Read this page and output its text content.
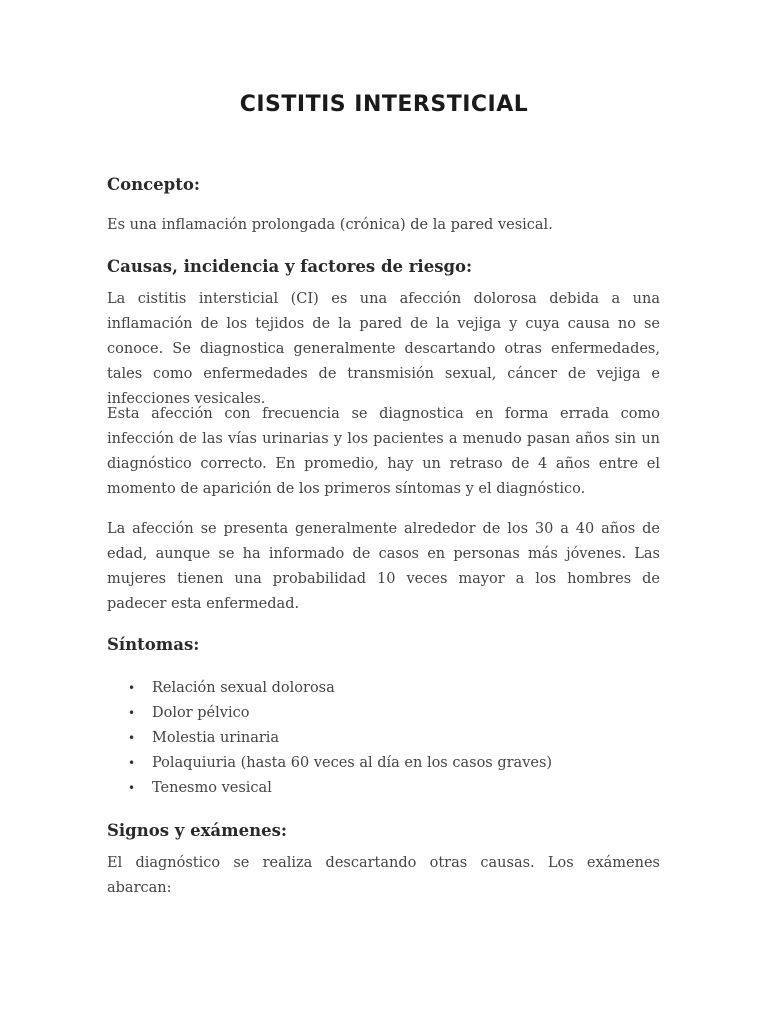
CISTITIS INTERSTICIAL
Concepto:

Es una inflamación prolongada (crónica) de la pared vesical.

Causas, incidencia y factores de riesgo:

La cistitis intersticial (CI) es una afección dolorosa debida a una inflamación de los tejidos de la pared de la vejiga y cuya causa no se conoce. Se diagnostica generalmente descartando otras enfermedades, tales como enfermedades de transmisión sexual, cáncer de vejiga e infecciones vesicales.

Esta afección con frecuencia se diagnostica en forma errada como infección de las vías urinarias y los pacientes a menudo pasan años sin un diagnóstico correcto. En promedio, hay un retraso de 4 años entre el momento de aparición de los primeros síntomas y el diagnóstico.

La afección se presenta generalmente alrededor de los 30 a 40 años de edad, aunque se ha informado de casos en personas más jóvenes. Las mujeres tienen una probabilidad 10 veces mayor a los hombres de padecer esta enfermedad.

Síntomas:
• Relación sexual dolorosa
• Dolor pélvico
• Molestia urinaria
• Polaquiuria (hasta 60 veces al día en los casos graves)
• Tenesmo vesical
Signos y exámenes:

El diagnóstico se realiza descartando otras causas. Los exámenes abarcan:
